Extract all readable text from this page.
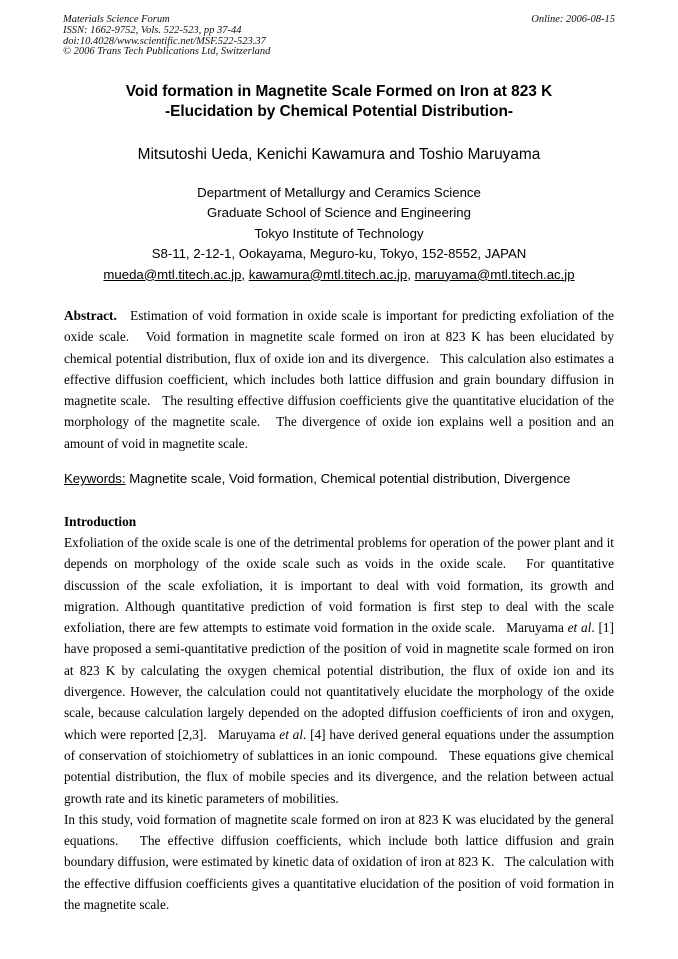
Materials Science Forum
ISSN: 1662-9752, Vols. 522-523, pp 37-44
doi:10.4028/www.scientific.net/MSF.522-523.37
© 2006 Trans Tech Publications Ltd, Switzerland
Online: 2006-08-15
Void formation in Magnetite Scale Formed on Iron at 823 K
-Elucidation by Chemical Potential Distribution-
Mitsutoshi Ueda, Kenichi Kawamura and Toshio Maruyama
Department of Metallurgy and Ceramics Science
Graduate School of Science and Engineering
Tokyo Institute of Technology
S8-11, 2-12-1, Ookayama, Meguro-ku, Tokyo, 152-8552, JAPAN
mueda@mtl.titech.ac.jp, kawamura@mtl.titech.ac.jp, maruyama@mtl.titech.ac.jp
Abstract.   Estimation of void formation in oxide scale is important for predicting exfoliation of the oxide scale.   Void formation in magnetite scale formed on iron at 823 K has been elucidated by chemical potential distribution, flux of oxide ion and its divergence.   This calculation also estimates a effective diffusion coefficient, which includes both lattice diffusion and grain boundary diffusion in magnetite scale.   The resulting effective diffusion coefficients give the quantitative elucidation of the morphology of the magnetite scale.   The divergence of oxide ion explains well a position and an amount of void in magnetite scale.
Keywords: Magnetite scale, Void formation, Chemical potential distribution, Divergence
Introduction

Exfoliation of the oxide scale is one of the detrimental problems for operation of the power plant and it depends on morphology of the oxide scale such as voids in the oxide scale.   For quantitative discussion of the scale exfoliation, it is important to deal with void formation, its growth and migration. Although quantitative prediction of void formation is first step to deal with the scale exfoliation, there are few attempts to estimate void formation in the oxide scale.   Maruyama et al. [1] have proposed a semi-quantitative prediction of the position of void in magnetite scale formed on iron at 823 K by calculating the oxygen chemical potential distribution, the flux of oxide ion and its divergence. However, the calculation could not quantitatively elucidate the morphology of the oxide scale, because calculation largely depended on the adopted diffusion coefficients of iron and oxygen, which were reported [2,3].   Maruyama et al. [4] have derived general equations under the assumption of conservation of stoichiometry of sublattices in an ionic compound.   These equations give chemical potential distribution, the flux of mobile species and its divergence, and the relation between actual growth rate and its kinetic parameters of mobilities.

In this study, void formation of magnetite scale formed on iron at 823 K was elucidated by the general equations.   The effective diffusion coefficients, which include both lattice diffusion and grain boundary diffusion, were estimated by kinetic data of oxidation of iron at 823 K.   The calculation with the effective diffusion coefficients gives a quantitative elucidation of the position of void formation in the magnetite scale.
